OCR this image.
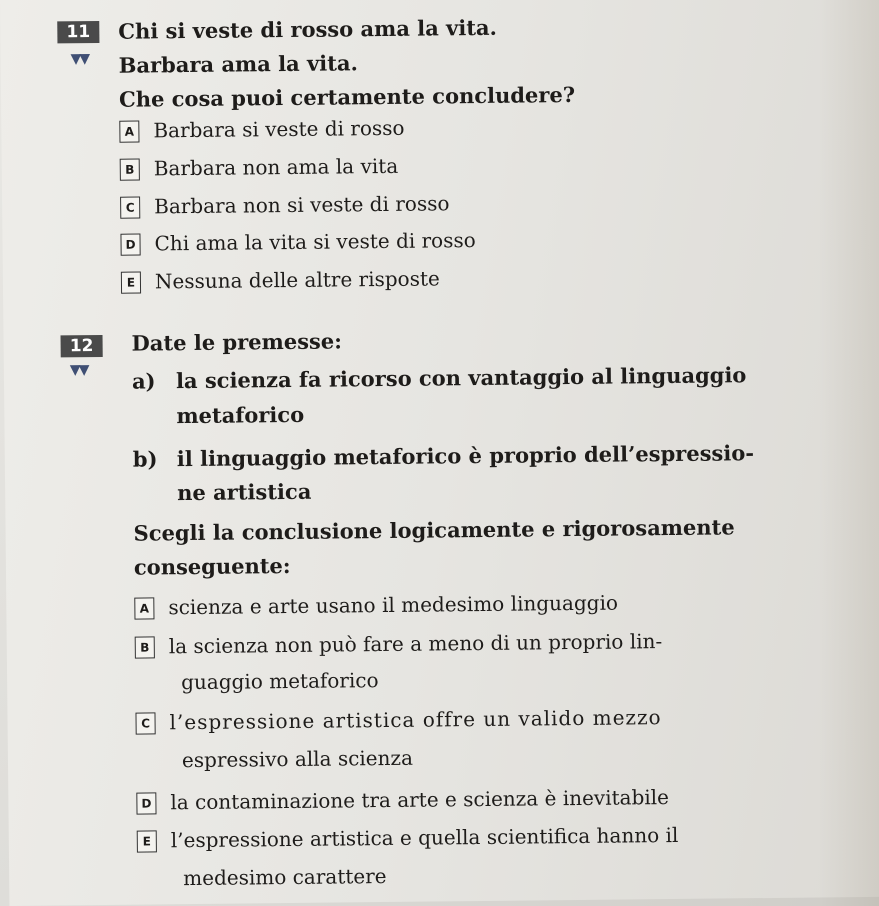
11
▼▼
Chi si veste di rosso ama la vita.
Barbara ama la vita.
Che cosa puoi certamente concludere?
A Barbara si veste di rosso
B Barbara non ama la vita
C Barbara non si veste di rosso
D Chi ama la vita si veste di rosso
E Nessuna delle altre risposte
12
▼▼
Date le premesse:
a) la scienza fa ricorso con vantaggio al linguaggio
metaforico
b) il linguaggio metaforico è proprio dell’espressio-
ne artistica
Scegli la conclusione logicamente e rigorosamente
conseguente:
A scienza e arte usano il medesimo linguaggio
B la scienza non può fare a meno di un proprio lin-
guaggio metaforico
C l’espressione artistica offre un valido mezzo
espressivo alla scienza
D la contaminazione tra arte e scienza è inevitabile
E l’espressione artistica e quella scientifica hanno il
medesimo carattere
